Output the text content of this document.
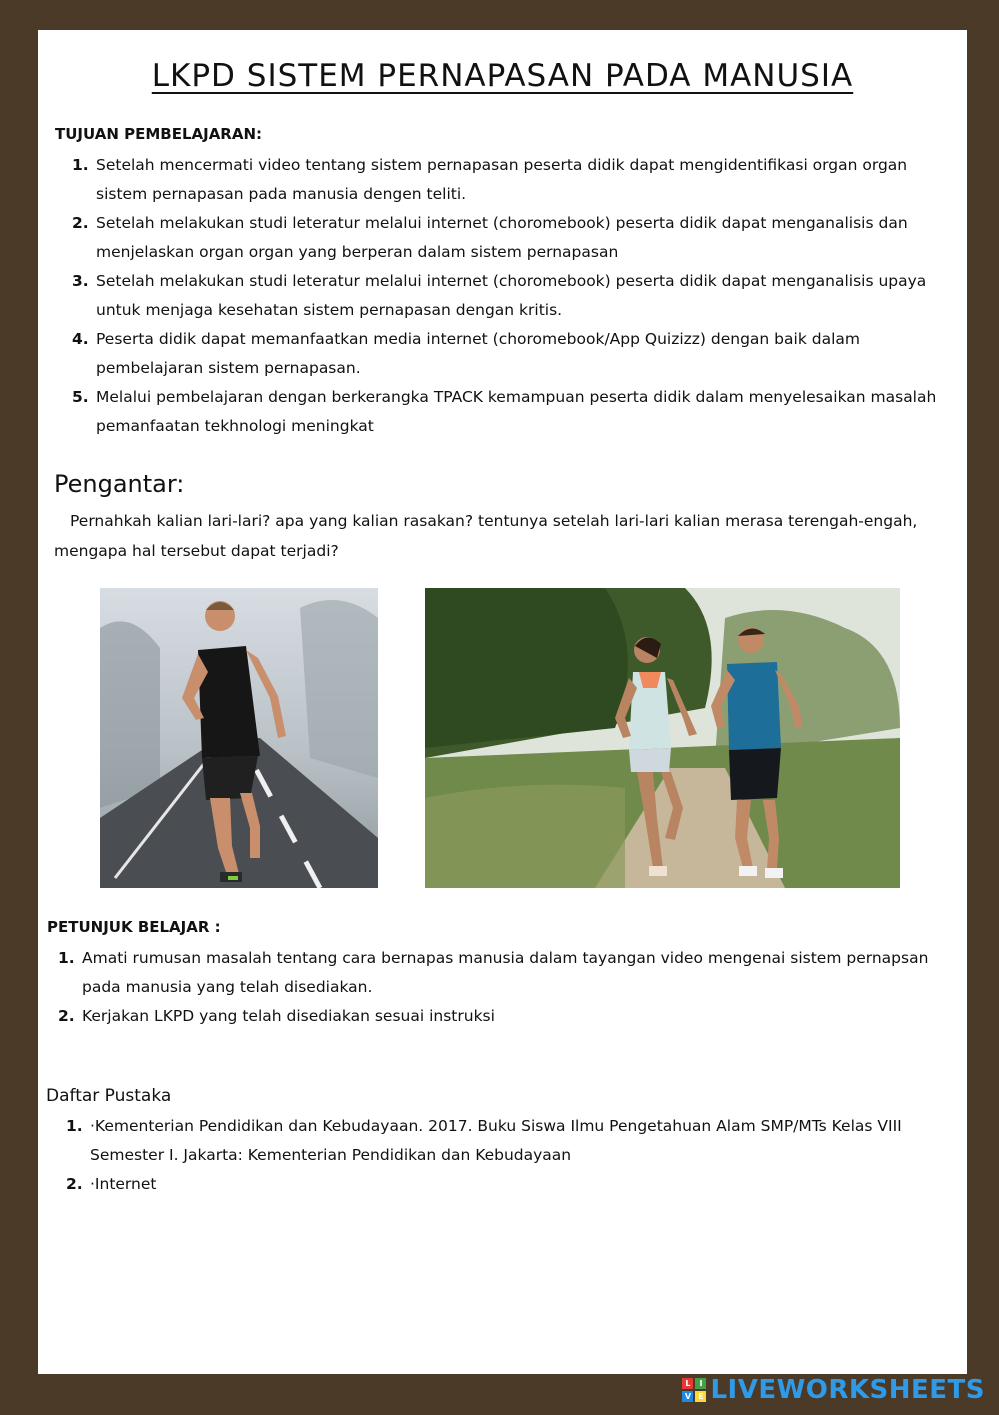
LKPD SISTEM PERNAPASAN PADA MANUSIA
TUJUAN PEMBELAJARAN:
1. Setelah mencermati video tentang sistem pernapasan peserta didik dapat mengidentifikasi organ organ sistem pernapasan pada manusia dengen teliti.
2. Setelah melakukan studi leteratur melalui internet (choromebook) peserta didik dapat menganalisis dan menjelaskan organ organ yang berperan dalam sistem pernapasan
3. Setelah melakukan studi leteratur melalui internet (choromebook) peserta didik dapat menganalisis upaya untuk menjaga kesehatan sistem pernapasan dengan kritis.
4. Peserta didik dapat memanfaatkan media internet (choromebook/App Quizizz) dengan baik dalam pembelajaran sistem pernapasan.
5. Melalui pembelajaran dengan berkerangka TPACK kemampuan peserta didik dalam menyelesaikan masalah pemanfaatan tekhnologi meningkat
Pengantar:

Pernahkah kalian lari-lari? apa yang kalian rasakan? tentunya setelah lari-lari kalian merasa terengah-engah, mengapa hal tersebut dapat terjadi?

PETUNJUK BELAJAR :
1. Amati rumusan masalah tentang cara bernapas manusia dalam tayangan video mengenai sistem pernapsan pada manusia yang telah disediakan.
2. Kerjakan LKPD yang telah disediakan sesuai instruksi
Daftar Pustaka
1. ·Kementerian Pendidikan dan Kebudayaan. 2017. Buku Siswa Ilmu Pengetahuan Alam SMP/MTs Kelas VIII Semester I. Jakarta: Kementerian Pendidikan dan Kebudayaan
2. ·Internet
L	I
V E LIVEWORKSHEETS
